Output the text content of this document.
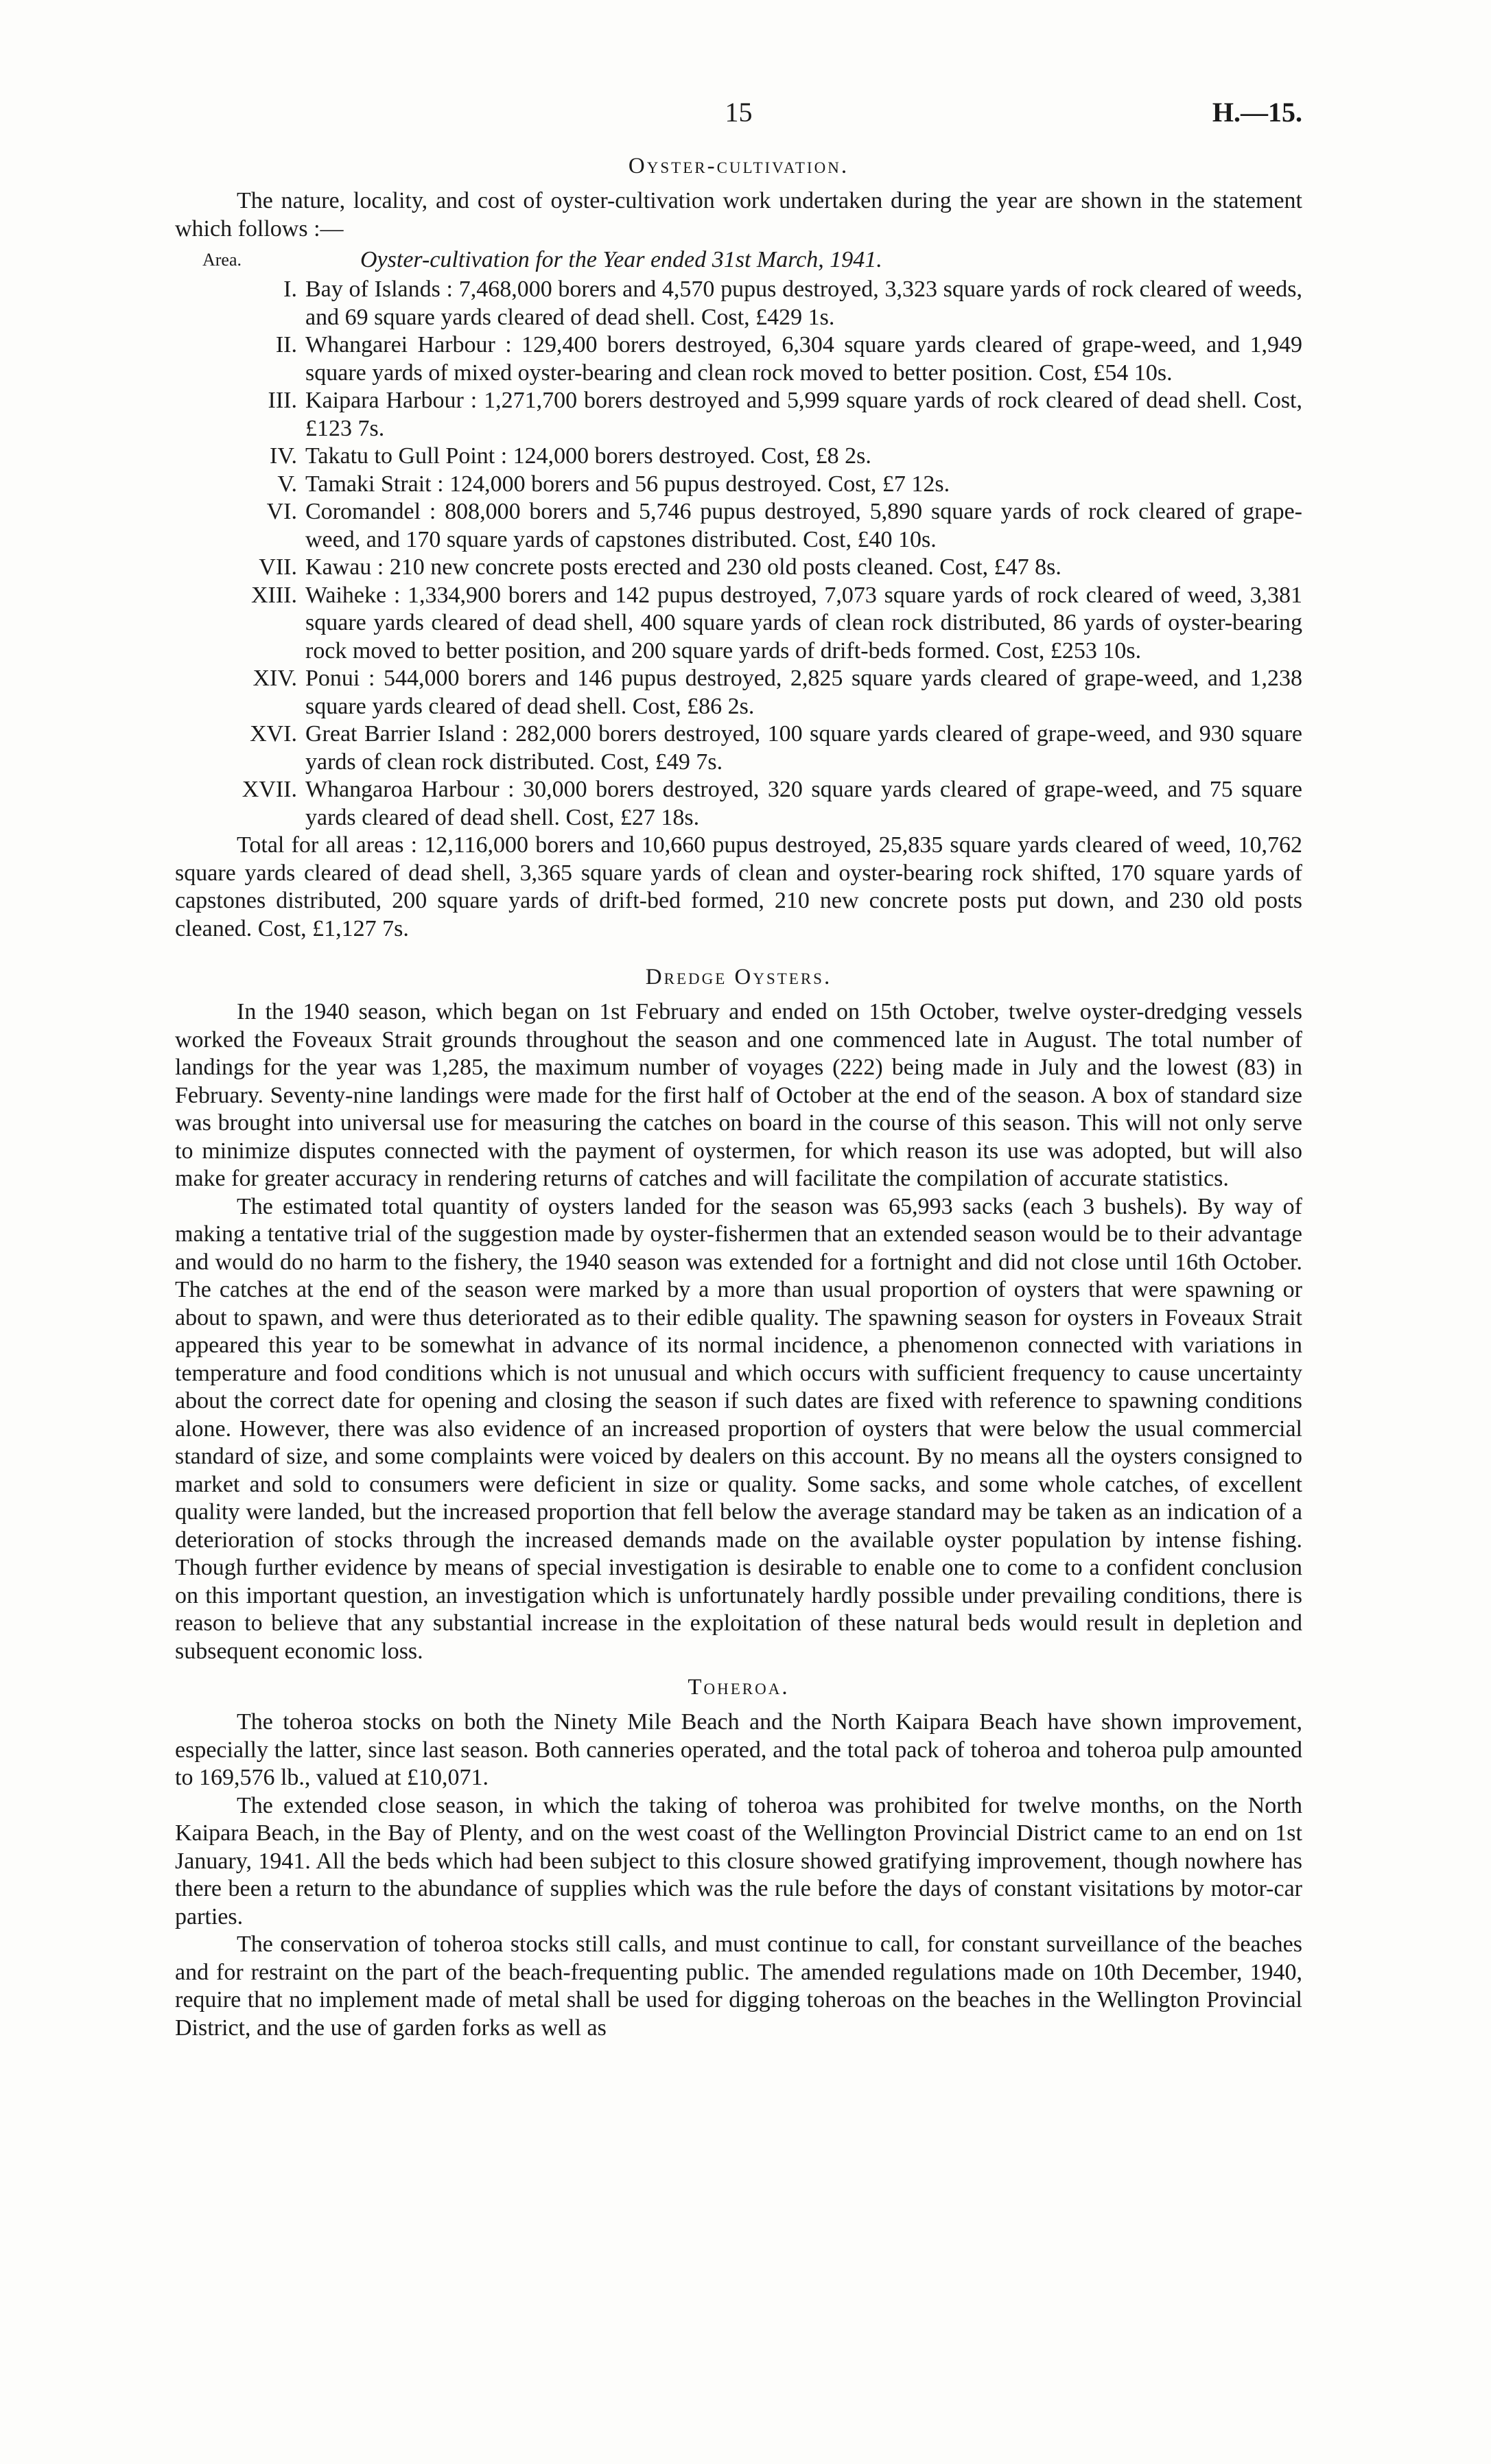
15	H.—15.
Oyster-cultivation.

The nature, locality, and cost of oyster-cultivation work undertaken during the year are shown in the statement which follows :—

Area.	Oyster-cultivation for the Year ended 31st March, 1941.
I. Bay of Islands : 7,468,000 borers and 4,570 pupus destroyed, 3,323 square yards of rock cleared of weeds, and 69 square yards cleared of dead shell. Cost, £429 1s.
II. Whangarei Harbour : 129,400 borers destroyed, 6,304 square yards cleared of grape-weed, and 1,949 square yards of mixed oyster-bearing and clean rock moved to better position. Cost, £54 10s.
III. Kaipara Harbour : 1,271,700 borers destroyed and 5,999 square yards of rock cleared of dead shell. Cost, £123 7s.
IV. Takatu to Gull Point : 124,000 borers destroyed. Cost, £8 2s.
V. Tamaki Strait : 124,000 borers and 56 pupus destroyed. Cost, £7 12s.
VI. Coromandel : 808,000 borers and 5,746 pupus destroyed, 5,890 square yards of rock cleared of grape-weed, and 170 square yards of capstones distributed. Cost, £40 10s.
VII. Kawau : 210 new concrete posts erected and 230 old posts cleaned. Cost, £47 8s.
XIII. Waiheke : 1,334,900 borers and 142 pupus destroyed, 7,073 square yards of rock cleared of weed, 3,381 square yards cleared of dead shell, 400 square yards of clean rock distributed, 86 yards of oyster-bearing rock moved to better position, and 200 square yards of drift-beds formed. Cost, £253 10s.
XIV. Ponui : 544,000 borers and 146 pupus destroyed, 2,825 square yards cleared of grape-weed, and 1,238 square yards cleared of dead shell. Cost, £86 2s.
XVI. Great Barrier Island : 282,000 borers destroyed, 100 square yards cleared of grape-weed, and 930 square yards of clean rock distributed. Cost, £49 7s.
XVII. Whangaroa Harbour : 30,000 borers destroyed, 320 square yards cleared of grape-weed, and 75 square yards cleared of dead shell. Cost, £27 18s.

Total for all areas : 12,116,000 borers and 10,660 pupus destroyed, 25,835 square yards cleared of weed, 10,762 square yards cleared of dead shell, 3,365 square yards of clean and oyster-bearing rock shifted, 170 square yards of capstones distributed, 200 square yards of drift-bed formed, 210 new concrete posts put down, and 230 old posts cleaned. Cost, £1,127 7s.

Dredge Oysters.

In the 1940 season, which began on 1st February and ended on 15th October, twelve oyster-dredging vessels worked the Foveaux Strait grounds throughout the season and one commenced late in August. The total number of landings for the year was 1,285, the maximum number of voyages (222) being made in July and the lowest (83) in February. Seventy-nine landings were made for the first half of October at the end of the season. A box of standard size was brought into universal use for measuring the catches on board in the course of this season. This will not only serve to minimize disputes connected with the payment of oystermen, for which reason its use was adopted, but will also make for greater accuracy in rendering returns of catches and will facilitate the compilation of accurate statistics.

The estimated total quantity of oysters landed for the season was 65,993 sacks (each 3 bushels). By way of making a tentative trial of the suggestion made by oyster-fishermen that an extended season would be to their advantage and would do no harm to the fishery, the 1940 season was extended for a fortnight and did not close until 16th October. The catches at the end of the season were marked by a more than usual proportion of oysters that were spawning or about to spawn, and were thus deteriorated as to their edible quality. The spawning season for oysters in Foveaux Strait appeared this year to be somewhat in advance of its normal incidence, a phenomenon connected with variations in temperature and food conditions which is not unusual and which occurs with sufficient frequency to cause uncertainty about the correct date for opening and closing the season if such dates are fixed with reference to spawning conditions alone. However, there was also evidence of an increased proportion of oysters that were below the usual commercial standard of size, and some complaints were voiced by dealers on this account. By no means all the oysters consigned to market and sold to consumers were deficient in size or quality. Some sacks, and some whole catches, of excellent quality were landed, but the increased proportion that fell below the average standard may be taken as an indication of a deterioration of stocks through the increased demands made on the available oyster population by intense fishing. Though further evidence by means of special investigation is desirable to enable one to come to a confident conclusion on this important question, an investigation which is unfortunately hardly possible under prevailing conditions, there is reason to believe that any substantial increase in the exploitation of these natural beds would result in depletion and subsequent economic loss.

Toheroa.

The toheroa stocks on both the Ninety Mile Beach and the North Kaipara Beach have shown improvement, especially the latter, since last season. Both canneries operated, and the total pack of toheroa and toheroa pulp amounted to 169,576 lb., valued at £10,071.

The extended close season, in which the taking of toheroa was prohibited for twelve months, on the North Kaipara Beach, in the Bay of Plenty, and on the west coast of the Wellington Provincial District came to an end on 1st January, 1941. All the beds which had been subject to this closure showed gratifying improvement, though nowhere has there been a return to the abundance of supplies which was the rule before the days of constant visitations by motor-car parties.

The conservation of toheroa stocks still calls, and must continue to call, for constant surveillance of the beaches and for restraint on the part of the beach-frequenting public. The amended regulations made on 10th December, 1940, require that no implement made of metal shall be used for digging toheroas on the beaches in the Wellington Provincial District, and the use of garden forks as well as
